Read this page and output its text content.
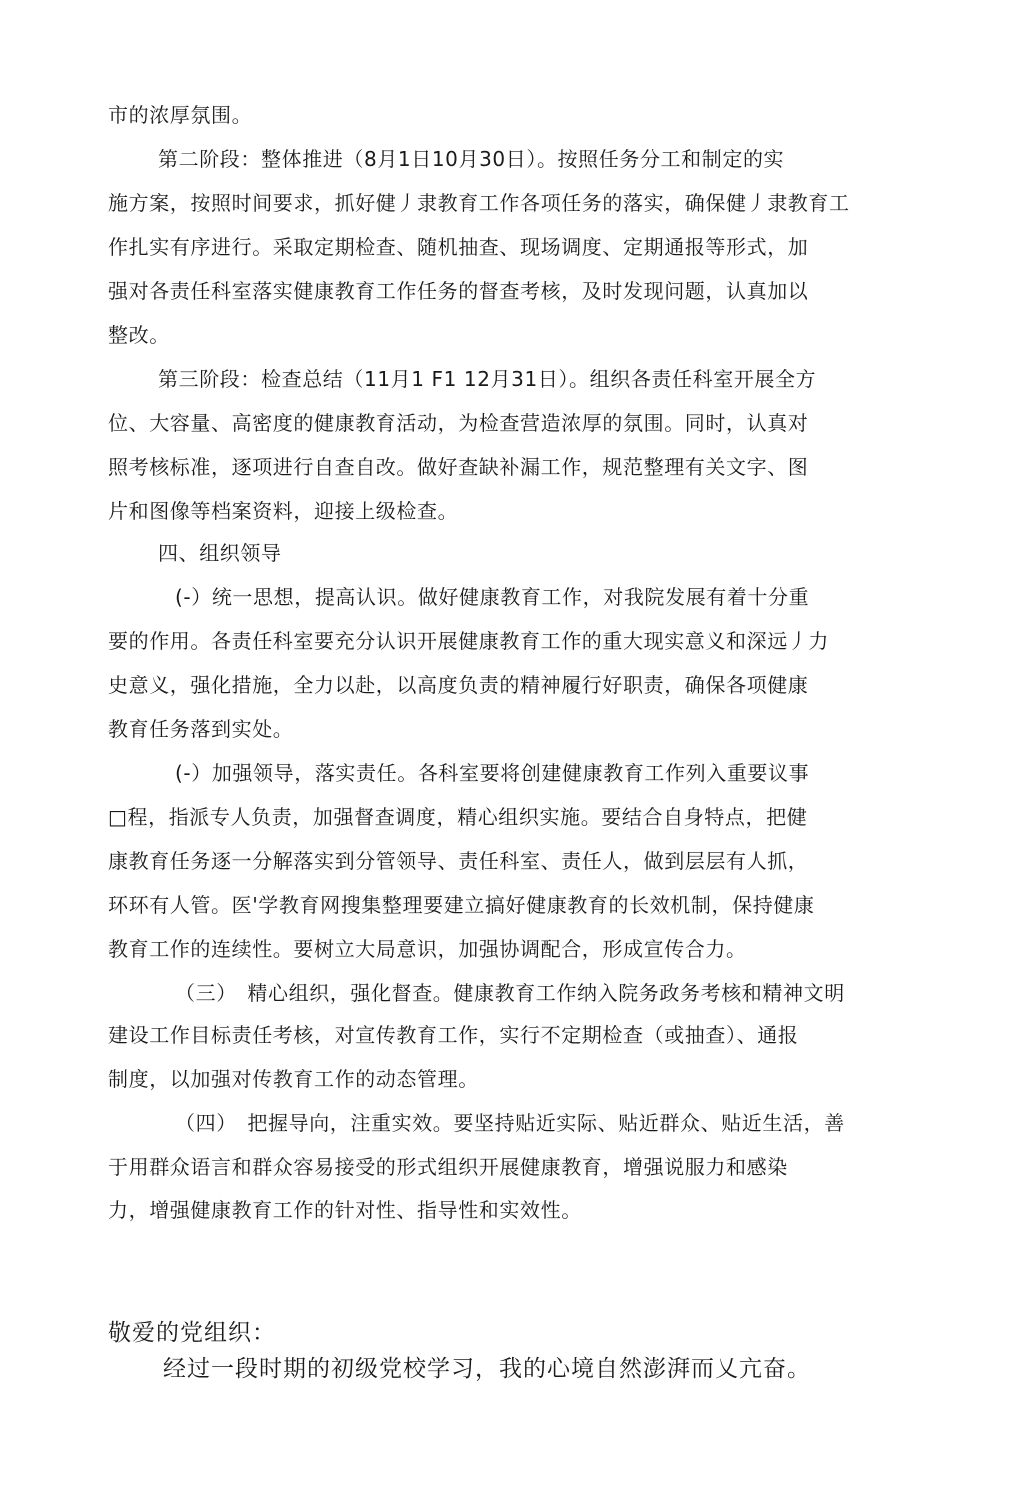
市的浓厚氛围。
第二阶段：整体推进（8月1日10月30日）。按照任务分工和制定的实
施方案，按照时间要求，抓好健丿隶教育工作各项任务的落实，确保健丿隶教育工
作扎实有序进行。采取定期检查、随机抽查、现场调度、定期通报等形式，加
强对各责任科室落实健康教育工作任务的督查考核，及时发现问题，认真加以
整改。
第三阶段：检查总结（11月1 F1 12月31日）。组织各责任科室开展全方
位、大容量、高密度的健康教育活动，为检查营造浓厚的氛围。同时，认真对
照考核标准，逐项进行自查自改。做好查缺补漏工作，规范整理有关文字、图
片和图像等档案资料，迎接上级检查。
四、组织领导
(-）统一思想，提高认识。做好健康教育工作，对我院发展有着十分重
要的作用。各责任科室要充分认识开展健康教育工作的重大现实意义和深远丿力
史意义，强化措施，全力以赴，以高度负责的精神履行好职责，确保各项健康
教育任务落到实处。
(-）加强领导，落实责任。各科室要将创建健康教育工作列入重要议事
□程，指派专人负责，加强督查调度，精心组织实施。要结合自身特点，把健
康教育任务逐一分解落实到分管领导、责任科室、责任人，做到层层有人抓，
环环有人管。医'学教育网搜集整理要建立搞好健康教育的长效机制，保持健康
教育工作的连续性。要树立大局意识，加强协调配合，形成宣传合力。
（三）　精心组织，强化督查。健康教育工作纳入院务政务考核和精神文明
建设工作目标责任考核，对宣传教育工作，实行不定期检查（或抽查）、通报
制度，以加强对传教育工作的动态管理。
（四）　把握导向，注重实效。要坚持贴近实际、贴近群众、贴近生活，善
于用群众语言和群众容易接受的形式组织开展健康教育，增强说服力和感染
力，增强健康教育工作的针对性、指导性和实效性。
敬爱的党组织：
经过一段时期的初级党校学习，我的心境自然澎湃而乂亢奋。
